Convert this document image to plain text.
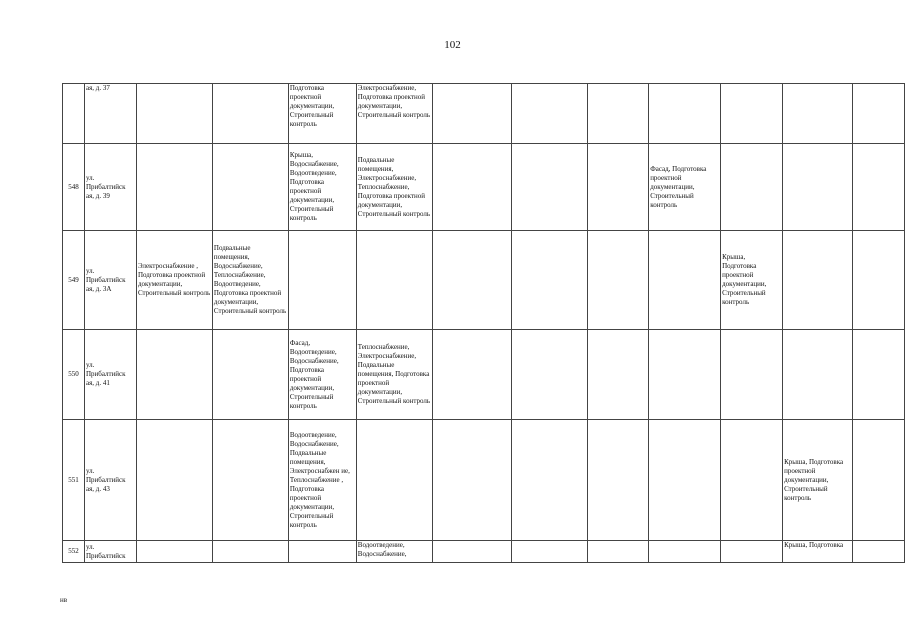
102
	ая, д. 37			Подготовка проектной документации, Строительный контроль	Электроснабжение, Подготовка проектной документации, Строительный контроль							
548	ул. Прибалтийск ая, д. 39			Крыша, Водоснабжение, Водоотведение, Подготовка проектной документации, Строительный контроль	Подвальные помещения, Электроснабжение, Теплоснабжение, Подготовка проектной документации, Строительный контроль				Фасад, Подготовка проектной документации, Строительный контроль			
549	ул. Прибалтийск ая, д. 3А	Электроснабжение , Подготовка проектной документации, Строительный контроль	Подвальные помещения, Водоснабжение, Теплоснабжение, Водоотведение, Подготовка проектной документации, Строительный контроль							Крыша, Подготовка проектной документации, Строительный контроль		
550	ул. Прибалтийск ая, д. 41			Фасад, Водоотведение, Водоснабжение, Подготовка проектной документации, Строительный контроль	Теплоснабжение, Электроснабжение, Подвальные помещения, Подготовка проектной документации, Строительный контроль							
551	ул. Прибалтийск ая, д. 43			Водоотведение, Водоснабжение, Подвальные помещения, Электроснабжен ие, Теплоснабжение , Подготовка проектной документации, Строительный контроль							Крыша, Подготовка проектной документации, Строительный контроль	
552	ул. Прибалтийск				Водоотведение, Водоснабжение,						Крыша, Подготовка	
нв
